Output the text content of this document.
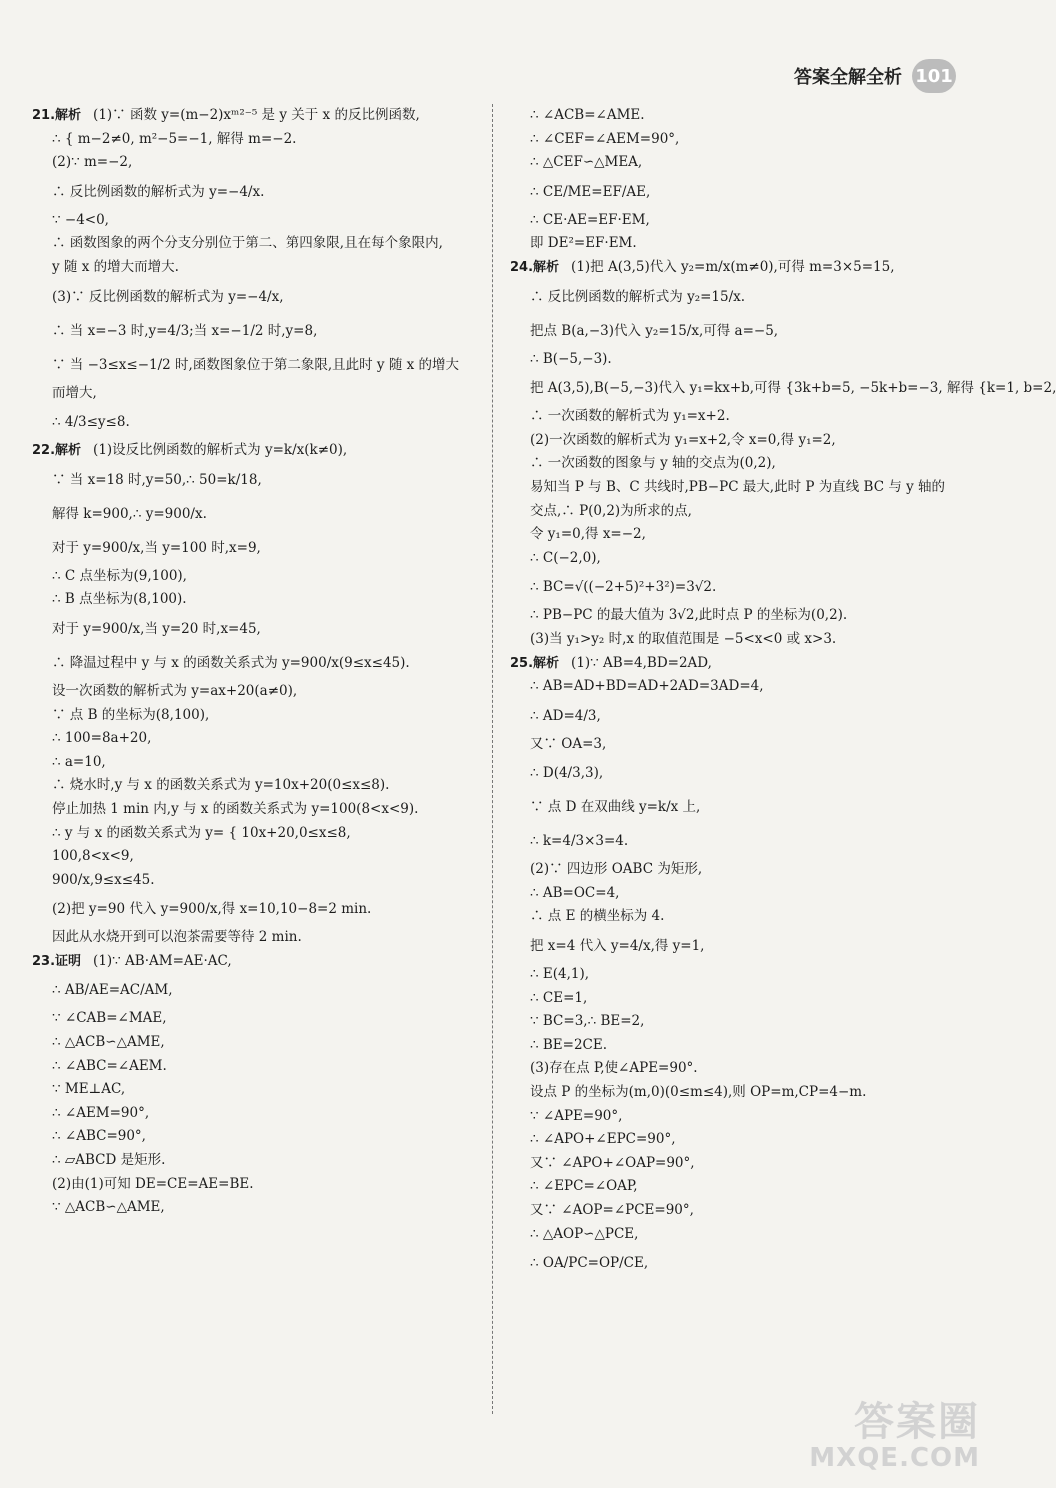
答案全解全析 101
21.解析 (1)∵ 函数 y=(m−2)xᵐ²⁻⁵ 是 y 关于 x 的反比例函数,
∴ { m−2≠0, m²−5=−1, 解得 m=−2.
(2)∵ m=−2,
∴ 反比例函数的解析式为 y=−4/x.
∵ −4<0,
∴ 函数图象的两个分支分别位于第二、第四象限,且在每个象限内,
y 随 x 的增大而增大.
(3)∵ 反比例函数的解析式为 y=−4/x,
∴ 当 x=−3 时,y=4/3;当 x=−1/2 时,y=8,
∵ 当 −3≤x≤−1/2 时,函数图象位于第二象限,且此时 y 随 x 的增大
而增大,
∴ 4/3≤y≤8.
22.解析 (1)设反比例函数的解析式为 y=k/x(k≠0),
∵ 当 x=18 时,y=50,∴ 50=k/18,
解得 k=900,∴ y=900/x.
对于 y=900/x,当 y=100 时,x=9,
∴ C 点坐标为(9,100),
∴ B 点坐标为(8,100).
对于 y=900/x,当 y=20 时,x=45,
∴ 降温过程中 y 与 x 的函数关系式为 y=900/x(9≤x≤45).
设一次函数的解析式为 y=ax+20(a≠0),
∵ 点 B 的坐标为(8,100),
∴ 100=8a+20,
∴ a=10,
∴ 烧水时,y 与 x 的函数关系式为 y=10x+20(0≤x≤8).
停止加热 1 min 内,y 与 x 的函数关系式为 y=100(8<x<9).
∴ y 与 x 的函数关系式为 y= { 10x+20,0≤x≤8,
100,8<x<9,
900/x,9≤x≤45.
(2)把 y=90 代入 y=900/x,得 x=10,10−8=2 min.
因此从水烧开到可以泡茶需要等待 2 min.
23.证明 (1)∵ AB·AM=AE·AC,
∴ AB/AE=AC/AM,
∵ ∠CAB=∠MAE,
∴ △ACB∽△AME,
∴ ∠ABC=∠AEM.
∵ ME⊥AC,
∴ ∠AEM=90°,
∴ ∠ABC=90°,
∴ ▱ABCD 是矩形.
(2)由(1)可知 DE=CE=AE=BE.
∵ △ACB∽△AME,
∴ ∠ACB=∠AME.
∴ ∠CEF=∠AEM=90°,
∴ △CEF∽△MEA,
∴ CE/ME=EF/AE,
∴ CE·AE=EF·EM,
即 DE²=EF·EM.
24.解析 (1)把 A(3,5)代入 y₂=m/x(m≠0),可得 m=3×5=15,
∴ 反比例函数的解析式为 y₂=15/x.
把点 B(a,−3)代入 y₂=15/x,可得 a=−5,
∴ B(−5,−3).
把 A(3,5),B(−5,−3)代入 y₁=kx+b,可得 {3k+b=5, −5k+b=−3, 解得 {k=1, b=2,
∴ 一次函数的解析式为 y₁=x+2.
(2)一次函数的解析式为 y₁=x+2,令 x=0,得 y₁=2,
∴ 一次函数的图象与 y 轴的交点为(0,2),
易知当 P 与 B、C 共线时,PB−PC 最大,此时 P 为直线 BC 与 y 轴的
交点,∴ P(0,2)为所求的点,
令 y₁=0,得 x=−2,
∴ C(−2,0),
∴ BC=√((−2+5)²+3²)=3√2.
∴ PB−PC 的最大值为 3√2,此时点 P 的坐标为(0,2).
(3)当 y₁>y₂ 时,x 的取值范围是 −5<x<0 或 x>3.
25.解析 (1)∵ AB=4,BD=2AD,
∴ AB=AD+BD=AD+2AD=3AD=4,
∴ AD=4/3,
又∵ OA=3,
∴ D(4/3,3),
∵ 点 D 在双曲线 y=k/x 上,
∴ k=4/3×3=4.
(2)∵ 四边形 OABC 为矩形,
∴ AB=OC=4,
∴ 点 E 的横坐标为 4.
把 x=4 代入 y=4/x,得 y=1,
∴ E(4,1),
∴ CE=1,
∵ BC=3,∴ BE=2,
∴ BE=2CE.
(3)存在点 P,使∠APE=90°.
设点 P 的坐标为(m,0)(0≤m≤4),则 OP=m,CP=4−m.
∵ ∠APE=90°,
∴ ∠APO+∠EPC=90°,
又∵ ∠APO+∠OAP=90°,
∴ ∠EPC=∠OAP,
又∵ ∠AOP=∠PCE=90°,
∴ △AOP∽△PCE,
∴ OA/PC=OP/CE,
答案圈
MXQE.COM
